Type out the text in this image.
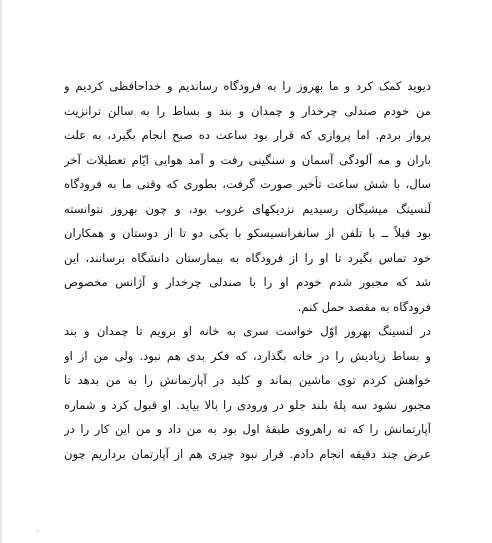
دیوید کمک کرد و ما بهروز را به فرودگاه رساندیم و خداحافظی کردیم و
من خودم صندلی چرخدار و چمدان و بند و بساط را به سالن ترانزیت
پرواز بردم. اما پروازی که قرار بود ساعت ده صبح انجام بگیرد، به علت
باران و مه آلودگی آسمان و سنگینی رفت و آمد هوایی ایّام تعطیلات آخر
سال، با شش ساعت تأخیر صورت گرفت، بطوری که وقتی ما به فرودگاه
لَنسینگ میشیگان رسیدیم نزدیکهای غروب بود، و چون بهروز نتوانسته
بود قبلاً ــ با تلفن از سانفرانسیسکو با یکی دو تا از دوستان و همکاران
خود تماس بگیرد تا او را از فرودگاه به بیمارستان دانشگاه برسانند، این
شد که مجبور شدم خودم او را با صندلی چرخدار و آژانس مخصوص
فرودگاه به مقصد حمل کنم.
در لنسینگ بهروز اوّل خواست سری به خانه او برویم تا چمدان و بند
و بساط زیادیش را در خانه بگذارد، که فکر بدی هم نبود. ولی من از او
خواهش کردم توی ماشین بماند و کلید در آپارتمانش را به من بدهد تا
مجبور نشود سه پلهٔ بلند جلو در ورودی را بالا بیاید. او قبول کرد و شماره
آپارتمانش را که ته راهروی طبقهٔ اول بود به من داد و من این کار را در
عرض چند دقیقه انجام دادم. قرار نبود چیزی هم از آپارتمان برداریم چون
·
